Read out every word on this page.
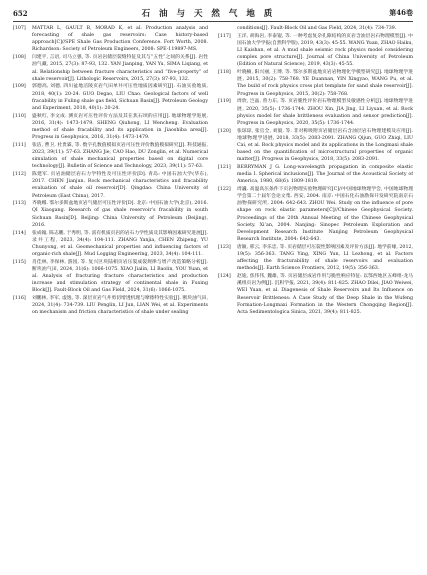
652	石 油 与 天 然 气 地 质	第46卷
[107]	MATTAR L, GAULT B, MORAD K, et al. Production analysis and forecasting of shale gas reservoirs: Case history-based approach[C]//SPE Shale Gas Production Conference. Fort Worth, 2008. Richardson: Society of Petroleum Engineers, 2008: SPE-119897-MS.
[108]	闫建平, 言语, 司马立强, 等. 页岩岩储层裂缝特征及其与“五性”之间的关系[J]. 岩性油气藏, 2015, 27(3): 87-93, 132. YAN Jianping, YAN Yu, SIMA Liqiang, et al. Relationship between fracture characteristics and “five-property” of shale reservoir[J]. Lithologic Reservoirs, 2015, 27(3): 87-93, 132.
[109]	郭德高, 刘德, 四川盆地涪陵页岩气田单井可压性地质因素研究[J]. 石油实验地质, 2018, 40(1): 20-24. GUO Degao, LIU Chao. Geological factors of well fracability in Fuling shale gas field, Sichuan Basin[J]. Petroleum Geology and Experiment, 2018, 40(1): 20-24.
[110]	盛秋红, 李文成. 测页岩可压性评价方法及其在焦石坝的应用[J]. 地球物理学进展, 2016, 31(4): 1473-1479. SHENG Qiuhong, LI Wencheng. Evaluation method of shale fracability and its application in Jiaoshiba area[J]. Progress in Geophysics, 2016, 31(4): 1473-1479.
[111]	张洁, 曹卫, 杜贵霖, 等. 数字孔数值模拟页岩可压性评价数值模拟研究[J]. 科技通报, 2023, 39(11): 57-63. ZHANG Jie, CAO Hao, DU Zonglin, et al. Numerical simulation of shale mechanical properties based on digital core technology[J]. Bulletin of Science and Technology, 2023, 39(11): 57-63.
[112]	陈建军. 页岩油储层岩石力学特性及可压性评价[D]. 青岛: 中国石油大学(华东), 2017. CHEN Jianjun. Rock mechanical characteristics and fracability evaluation of shale oil reservoir[D]. Qingdao: China University of Petroleum (East China), 2017.
[113]	齐晓娜. 鄂尔多斯盆地页岩气储层可压性评价[D]. 北京: 中国石油大学(北京), 2016. QI Xiaogang. Research of gas shale reservoir’s fracability in south Sichuan Basin[D]. Beijing: China University of Petroleum (Beijing), 2016.
[114]	张成翰, 陈志鹏, 于秀明, 等. 富有机质页岩的岩石力学性质及其影响因素研究进展[J]. 录井工程, 2023, 34(4): 104-111. ZHANG Yanjia, CHEN Zhipeng, YU Chunyong, et al. Geomechanical properties and influencing factors of organic-rich shale[J]. Mud Logging Engineering, 2023, 34(4): 104-111.
[115]	肖佳林, 李保林, 游园, 等. 复兴区块陆相页岩压裂成裂规律与增产改造策略分析[J]. 断块油气田, 2024, 31(6): 1066-1075. XIAO Jialin, LI Baolin, YOU Yuan, et al. Analysis of fracturing fracture characteristics and production increase and stimulation strategy of continental shale in Fuxing Block[J]. Fault-Block Oil and Gas Field, 2024, 31(6): 1066-1075.
[116]	刘鹏林, 李军, 虚逸, 等. 深层页岩气井剪切增透机理与摩擦特性实验[J]. 断块油气田, 2024, 31(4): 734-739. LIU Penglin, LI Jun, LIAN Wei, et al. Experiments on mechanism and friction characteristics of shale under sealing
conditions[J]. Fault-Block Oil and Gas Field, 2024, 31(4): 734-739.
[117]	王洋, 胡海岩, 李泰锟, 等. 一种考虑复杂孔隙结构的页岩含油层岩石物理模型[J]. 中国石油大学学报(自然科学版), 2019, 43(3): 45-55. WANG Yuan, ZHAO Haiku, LI Kaishan, et al. A mud shale seismic rock physics model considering complex pore structure[J]. Journal of China University of Petroleum (Edition of Natural Science), 2019, 43(3): 45-55.
[118]	叶晓楠, 阳兴丽, 王博, 等. 鄂尔多斯盆地页岩岩物理化学模型研究[J]. 地球物理学进展, 2015, 30(2): 758-768. YE Duannan, YIN Xingyao, WANG Pu, et al. The build of rock physics cross plot template for sand shale reservoir[J]. Progress in Geophysics, 2015, 30(2): 758-768.
[119]	周欣, 岂晶, 曾力东, 等. 页岩脆性评价岩石物理模型及敏感性分析[J]. 地球物理学进展, 2020, 35(5): 1736-1744. ZHOU Xin, JIA Jing, LI Liyuan, et al. Rock physics model for shale brittleness evaluation and sensor prediction[J]. Progress in Geophysics, 2020, 35(5): 1736-1744.
[120]	张琼琼, 张官全, 刘毅, 等. 非对称吸附页岩储层岩石含油层岩石物理建模及应用[J]. 地球物理学进展, 2018, 33(5): 2083-2091. ZHANG Qijun, GUO Zhiqi, LIU Cai, et al. Rock physics model and its applications in the Longmaxi shale based on the quantification of microstructural properties of organic matter[J]. Progress in Geophysics, 2018, 33(5): 2083-2091.
[121]	BERRYMAN J G. Long-wavelength propagation in composite elastic media I. Spherical inclusions[J]. The Journal of the Acoustical Society of America, 1980, 68(6): 1809-1819.
[122]	周巍. 高温高压条件下页岩物理实验物理研究[C]//中国地球物理学会, 中国地球物理学会第二十届年会论文集. 西安, 2004. 南京: 中国石化石油勘探开发研究院南京石油物探研究所, 2004: 642-643. ZHOU Wei. Study on the influence of pore shape on rock elastic parameters[C]//Chinese Geophysical Society. Proceedings of the 20th Annual Meeting of the Chinese Geophysical Society. Xi’an, 2004. Nanjing: Sinopec Petroleum Exploration and Development Research Institute Nanjing Petroleum Geophysical Research Institute, 2004: 642-643.
[123]	唐颖, 邢云, 李乐忠, 等. 页岩储层可压裂性影响因素及评价方法[J]. 地学前缘, 2012, 19(5): 356-363. TANG Ying, XING Yun, LI Lezhong, et al. Factors affecting the fracturability of shale reservoirs and evaluation methods[J]. Earth Science Frontiers, 2012, 19(5): 356-363.
[124]	赵迪, 焦伟伟, 魏雄, 等. 页岩储层成岩作用与脆性响应特征: 以鄂西地区五峰组-龙马溪组页岩为例[J]. 沉积学报, 2021, 39(4): 811-825. ZHAO Dilei, JIAO Weiwei, WEI Yuan, et al. Diagenesis of Shale Reservoirs and Its Influence on Reservoir Brittleness: A Case Study of the Deep Shale in the Wufeng Formation-Longmaxi Formation in the Western Chongqing Region[J]. Acta Sedimentologica Sinica, 2021, 39(4): 811-825.
